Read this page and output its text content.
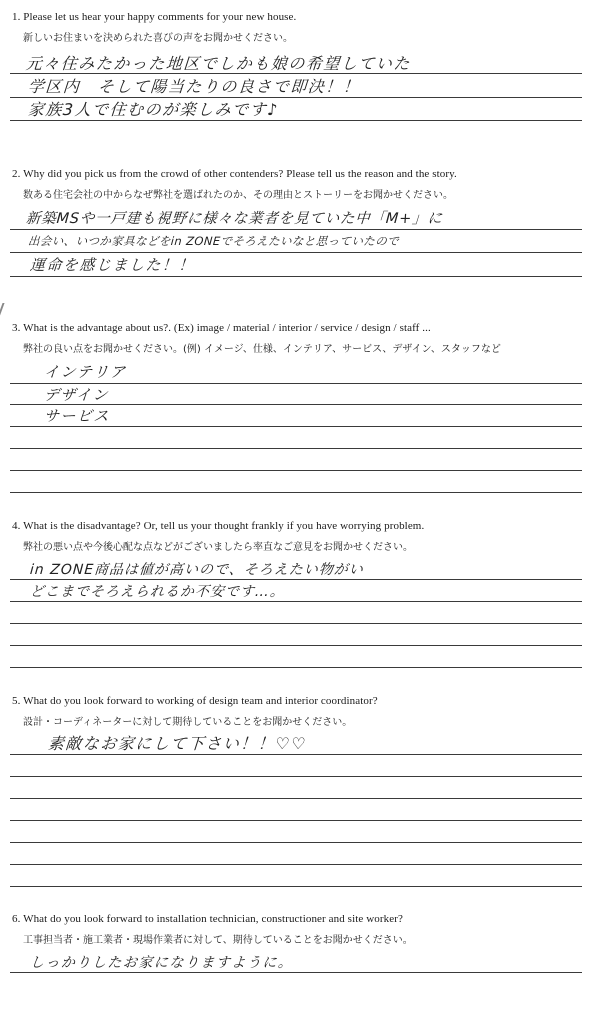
1. Please let us hear your happy comments for your new house.
新しいお住まいを決められた喜びの声をお聞かせください。
元々住みたかった地区でしかも娘の希望していた
学区内　そして陽当たりの良さで即決！！
家族3人で住むのが楽しみです♪
2. Why did you pick us from the crowd of other contenders? Please tell us the reason and the story.
数ある住宅会社の中からなぜ弊社を選ばれたのか、その理由とストーリーをお聞かせください。
新築MSや一戸建も視野に様々な業者を見ていた中「M+」に
出会い、いつか家具などをin ZONEでそろえたいなと思っていたので
運命を感じました！！
3. What is the advantage about us?. (Ex) image / material / interior / service / design / staff ...
弊社の良い点をお聞かせください。(例) イメージ、仕様、インテリア、サービス、デザイン、スタッフなど
インテリア
デザイン
サービス
4. What is the disadvantage? Or, tell us your thought frankly if you have worrying problem.
弊社の悪い点や今後心配な点などがございましたら率直なご意見をお聞かせください。
in ZONE商品は値が高いので、そろえたい物がい
どこまでそろえられるか不安です…。
5. What do you look forward to working of design team and interior coordinator?
設計・コーディネーターに対して期待していることをお聞かせください。
素敵なお家にして下さい！！♡♡
6. What do you look forward to installation technician, constructioner and site worker?
工事担当者・施工業者・現場作業者に対して、期待していることをお聞かせください。
しっかりしたお家になりますように。
